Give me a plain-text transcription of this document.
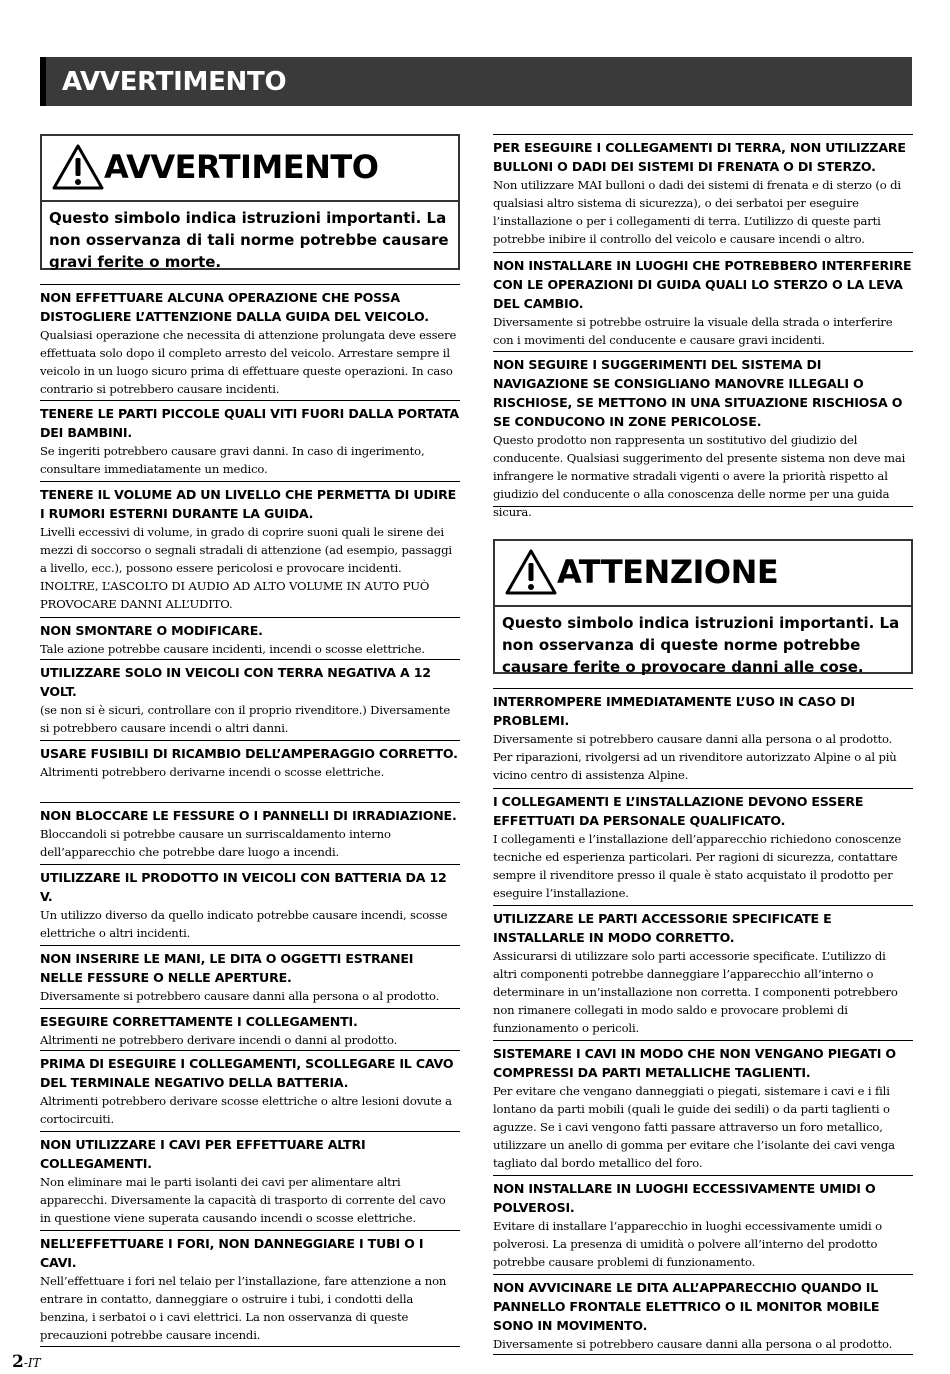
AVVERTIMENTO
AVVERTIMENTO
Questo simbolo indica istruzioni importanti. La non osservanza di tali norme potrebbe causare gravi ferite o morte.
ATTENZIONE
Questo simbolo indica istruzioni importanti. La non osservanza di queste norme potrebbe causare ferite o provocare danni alle cose.
NON EFFETTUARE ALCUNA OPERAZIONE CHE POSSA DISTOGLIERE L’ATTENZIONE DALLA GUIDA DEL VEICOLO.

Qualsiasi operazione che necessita di attenzione prolungata deve essere effettuata solo dopo il completo arresto del veicolo. Arrestare sempre il veicolo in un luogo sicuro prima di effettuare queste operazioni. In caso contrario si potrebbero causare incidenti.

TENERE LE PARTI PICCOLE QUALI VITI FUORI DALLA PORTATA DEI BAMBINI.

Se ingeriti potrebbero causare gravi danni. In caso di ingerimento, consultare immediatamente un medico.

TENERE IL VOLUME AD UN LIVELLO CHE PERMETTA DI UDIRE I RUMORI ESTERNI DURANTE LA GUIDA.

Livelli eccessivi di volume, in grado di coprire suoni quali le sirene dei mezzi di soccorso o segnali stradali di attenzione (ad esempio, passaggi a livello, ecc.), possono essere pericolosi e provocare incidenti. INOLTRE, L’ASCOLTO DI AUDIO AD ALTO VOLUME IN AUTO PUÒ PROVOCARE DANNI ALL’UDITO.

NON SMONTARE O MODIFICARE.

Tale azione potrebbe causare incidenti, incendi o scosse elettriche.

UTILIZZARE SOLO IN VEICOLI CON TERRA NEGATIVA A 12 VOLT.

(se non si è sicuri, controllare con il proprio rivenditore.) Diversamente si potrebbero causare incendi o altri danni.

USARE FUSIBILI DI RICAMBIO DELL’AMPERAGGIO CORRETTO.

Altrimenti potrebbero derivarne incendi o scosse elettriche.

NON BLOCCARE LE FESSURE O I PANNELLI DI IRRADIAZIONE.

Bloccandoli si potrebbe causare un surriscaldamento interno dell’apparecchio che potrebbe dare luogo a incendi.

UTILIZZARE IL PRODOTTO IN VEICOLI CON BATTERIA DA 12 V.

Un utilizzo diverso da quello indicato potrebbe causare incendi, scosse elettriche o altri incidenti.

NON INSERIRE LE MANI, LE DITA O OGGETTI ESTRANEI NELLE FESSURE O NELLE APERTURE.

Diversamente si potrebbero causare danni alla persona o al prodotto.

ESEGUIRE CORRETTAMENTE I COLLEGAMENTI.

Altrimenti ne potrebbero derivare incendi o danni al prodotto.

PRIMA DI ESEGUIRE I COLLEGAMENTI, SCOLLEGARE IL CAVO DEL TERMINALE NEGATIVO DELLA BATTERIA.

Altrimenti potrebbero derivare scosse elettriche o altre lesioni dovute a cortocircuiti.

NON UTILIZZARE I CAVI PER EFFETTUARE ALTRI COLLEGAMENTI.

Non eliminare mai le parti isolanti dei cavi per alimentare altri apparecchi. Diversamente la capacità di trasporto di corrente del cavo in questione viene superata causando incendi o scosse elettriche.

NELL’EFFETTUARE I FORI, NON DANNEGGIARE I TUBI O I CAVI.

Nell’effettuare i fori nel telaio per l’installazione, fare attenzione a non entrare in contatto, danneggiare o ostruire i tubi, i condotti della benzina, i serbatoi o i cavi elettrici. La non osservanza di queste precauzioni potrebbe causare incendi.

PER ESEGUIRE I COLLEGAMENTI DI TERRA, NON UTILIZZARE BULLONI O DADI DEI SISTEMI DI FRENATA O DI STERZO.

Non utilizzare MAI bulloni o dadi dei sistemi di frenata e di sterzo (o di qualsiasi altro sistema di sicurezza), o dei serbatoi per eseguire l’installazione o per i collegamenti di terra. L’utilizzo di queste parti potrebbe inibire il controllo del veicolo e causare incendi o altro.

NON INSTALLARE IN LUOGHI CHE POTREBBERO INTERFERIRE CON LE OPERAZIONI DI GUIDA QUALI LO STERZO O LA LEVA DEL CAMBIO.

Diversamente si potrebbe ostruire la visuale della strada o interferire con i movimenti del conducente e causare gravi incidenti.

NON SEGUIRE I SUGGERIMENTI DEL SISTEMA DI NAVIGAZIONE SE CONSIGLIANO MANOVRE ILLEGALI O RISCHIOSE, SE METTONO IN UNA SITUAZIONE RISCHIOSA O SE CONDUCONO IN ZONE PERICOLOSE.

Questo prodotto non rappresenta un sostitutivo del giudizio del conducente. Qualsiasi suggerimento del presente sistema non deve mai infrangere le normative stradali vigenti o avere la priorità rispetto al giudizio del conducente o alla conoscenza delle norme per una guida sicura.

INTERROMPERE IMMEDIATAMENTE L’USO IN CASO DI PROBLEMI.

Diversamente si potrebbero causare danni alla persona o al prodotto. Per riparazioni, rivolgersi ad un rivenditore autorizzato Alpine o al più vicino centro di assistenza Alpine.

I COLLEGAMENTI E L’INSTALLAZIONE DEVONO ESSERE EFFETTUATI DA PERSONALE QUALIFICATO.

I collegamenti e l’installazione dell’apparecchio richiedono conoscenze tecniche ed esperienza particolari. Per ragioni di sicurezza, contattare sempre il rivenditore presso il quale è stato acquistato il prodotto per eseguire l’installazione.

UTILIZZARE LE PARTI ACCESSORIE SPECIFICATE E INSTALLARLE IN MODO CORRETTO.

Assicurarsi di utilizzare solo parti accessorie specificate. L’utilizzo di altri componenti potrebbe danneggiare l’apparecchio all’interno o determinare in un’installazione non corretta. I componenti potrebbero non rimanere collegati in modo saldo e provocare problemi di funzionamento o pericoli.

SISTEMARE I CAVI IN MODO CHE NON VENGANO PIEGATI O COMPRESSI DA PARTI METALLICHE TAGLIENTI.

Per evitare che vengano danneggiati o piegati, sistemare i cavi e i fili lontano da parti mobili (quali le guide dei sedili) o da parti taglienti o aguzze. Se i cavi vengono fatti passare attraverso un foro metallico, utilizzare un anello di gomma per evitare che l’isolante dei cavi venga tagliato dal bordo metallico del foro.

NON INSTALLARE IN LUOGHI ECCESSIVAMENTE UMIDI O POLVEROSI.

Evitare di installare l’apparecchio in luoghi eccessivamente umidi o polverosi. La presenza di umidità o polvere all’interno del prodotto potrebbe causare problemi di funzionamento.

NON AVVICINARE LE DITA ALL’APPARECCHIO QUANDO IL PANNELLO FRONTALE ELETTRICO O IL MONITOR MOBILE SONO IN MOVIMENTO.

Diversamente si potrebbero causare danni alla persona o al prodotto.

2-IT
